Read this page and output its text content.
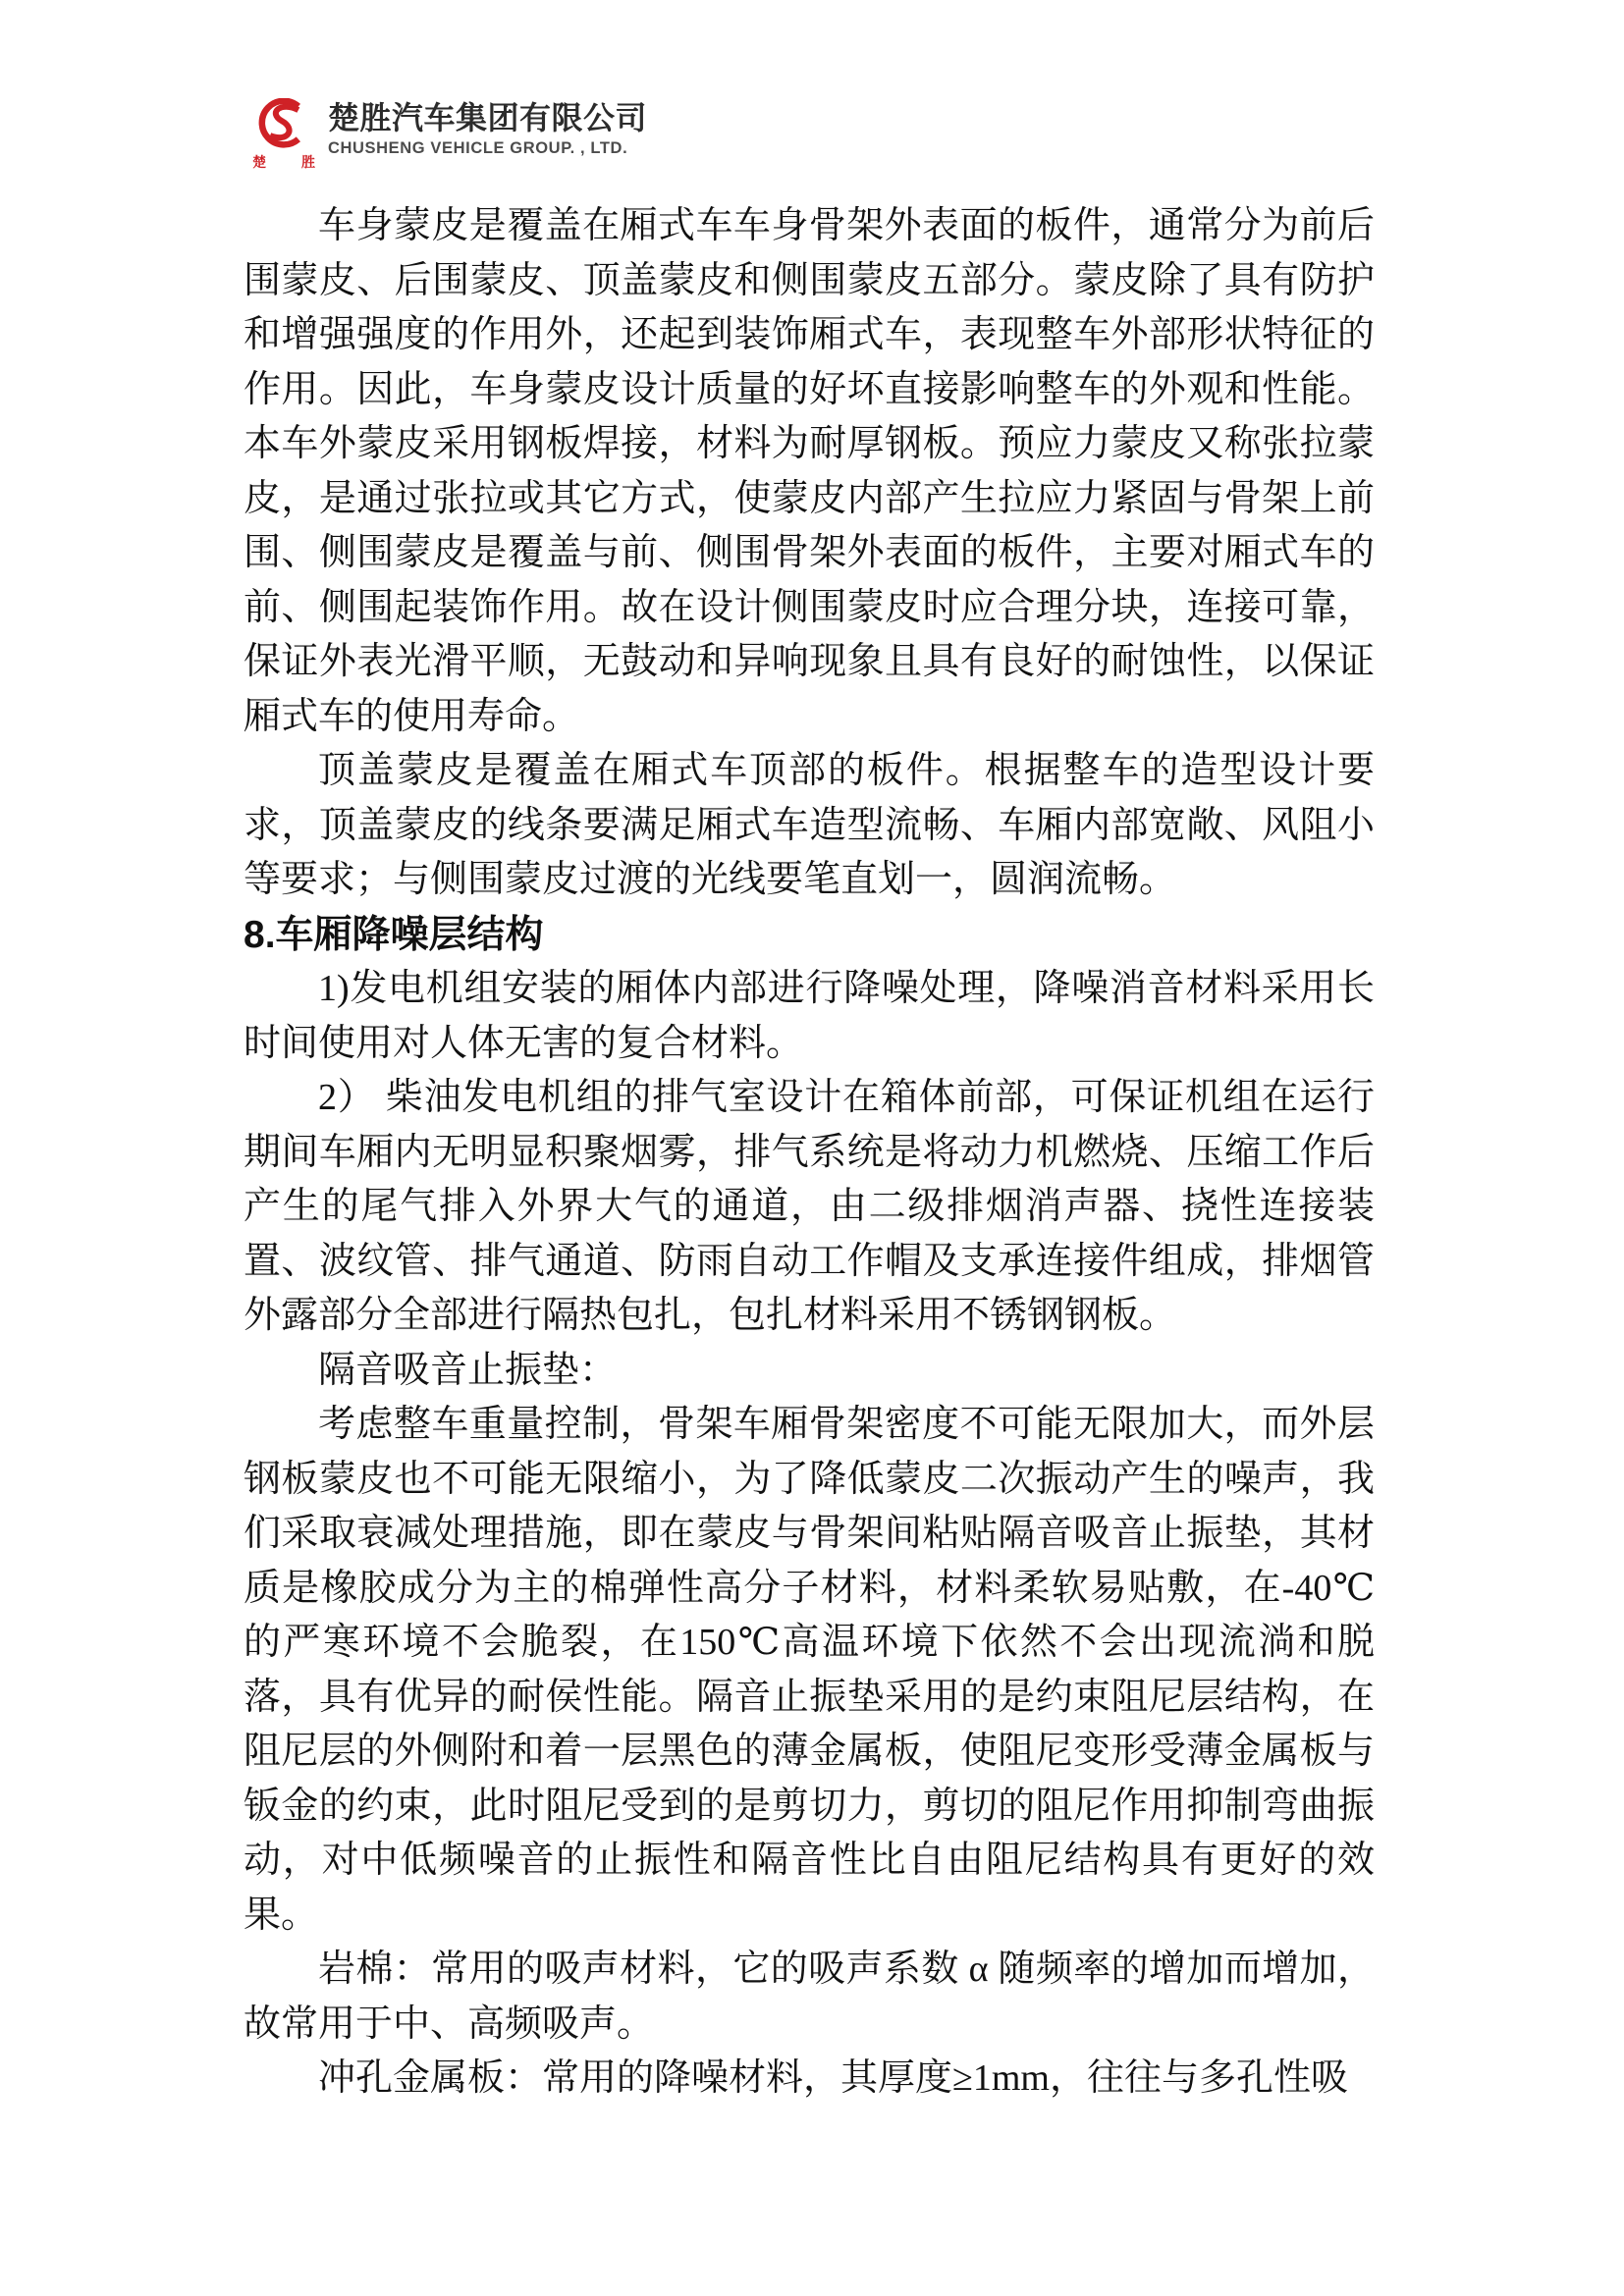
楚 胜
楚胜汽车集团有限公司
CHUSHENG VEHICLE GROUP. , LTD.

车身蒙皮是覆盖在厢式车车身骨架外表面的板件，通常分为前后围蒙皮、后围蒙皮、顶盖蒙皮和侧围蒙皮五部分。蒙皮除了具有防护和增强强度的作用外，还起到装饰厢式车，表现整车外部形状特征的作用。因此，车身蒙皮设计质量的好坏直接影响整车的外观和性能。本车外蒙皮采用钢板焊接，材料为耐厚钢板。预应力蒙皮又称张拉蒙皮，是通过张拉或其它方式，使蒙皮内部产生拉应力紧固与骨架上前围、侧围蒙皮是覆盖与前、侧围骨架外表面的板件，主要对厢式车的前、侧围起装饰作用。故在设计侧围蒙皮时应合理分块，连接可靠，保证外表光滑平顺，无鼓动和异响现象且具有良好的耐蚀性，以保证厢式车的使用寿命。

顶盖蒙皮是覆盖在厢式车顶部的板件。根据整车的造型设计要求，顶盖蒙皮的线条要满足厢式车造型流畅、车厢内部宽敞、风阻小等要求；与侧围蒙皮过渡的光线要笔直划一，圆润流畅。

8.车厢降噪层结构

1)发电机组安装的厢体内部进行降噪处理，降噪消音材料采用长时间使用对人体无害的复合材料。

2） 柴油发电机组的排气室设计在箱体前部，可保证机组在运行期间车厢内无明显积聚烟雾，排气系统是将动力机燃烧、压缩工作后产生的尾气排入外界大气的通道，由二级排烟消声器、挠性连接装置、波纹管、排气通道、防雨自动工作帽及支承连接件组成，排烟管外露部分全部进行隔热包扎，包扎材料采用不锈钢钢板。

隔音吸音止振垫：

考虑整车重量控制，骨架车厢骨架密度不可能无限加大，而外层钢板蒙皮也不可能无限缩小，为了降低蒙皮二次振动产生的噪声，我们采取衰减处理措施，即在蒙皮与骨架间粘贴隔音吸音止振垫，其材质是橡胶成分为主的棉弹性高分子材料，材料柔软易贴敷，在-40℃的严寒环境不会脆裂，在150℃高温环境下依然不会出现流淌和脱落，具有优异的耐侯性能。隔音止振垫采用的是约束阻尼层结构，在阻尼层的外侧附和着一层黑色的薄金属板，使阻尼变形受薄金属板与钣金的约束，此时阻尼受到的是剪切力，剪切的阻尼作用抑制弯曲振动，对中低频噪音的止振性和隔音性比自由阻尼结构具有更好的效果。

岩棉：常用的吸声材料，它的吸声系数 α 随频率的增加而增加，故常用于中、高频吸声。

冲孔金属板：常用的降噪材料，其厚度≥1mm，往往与多孔性吸
